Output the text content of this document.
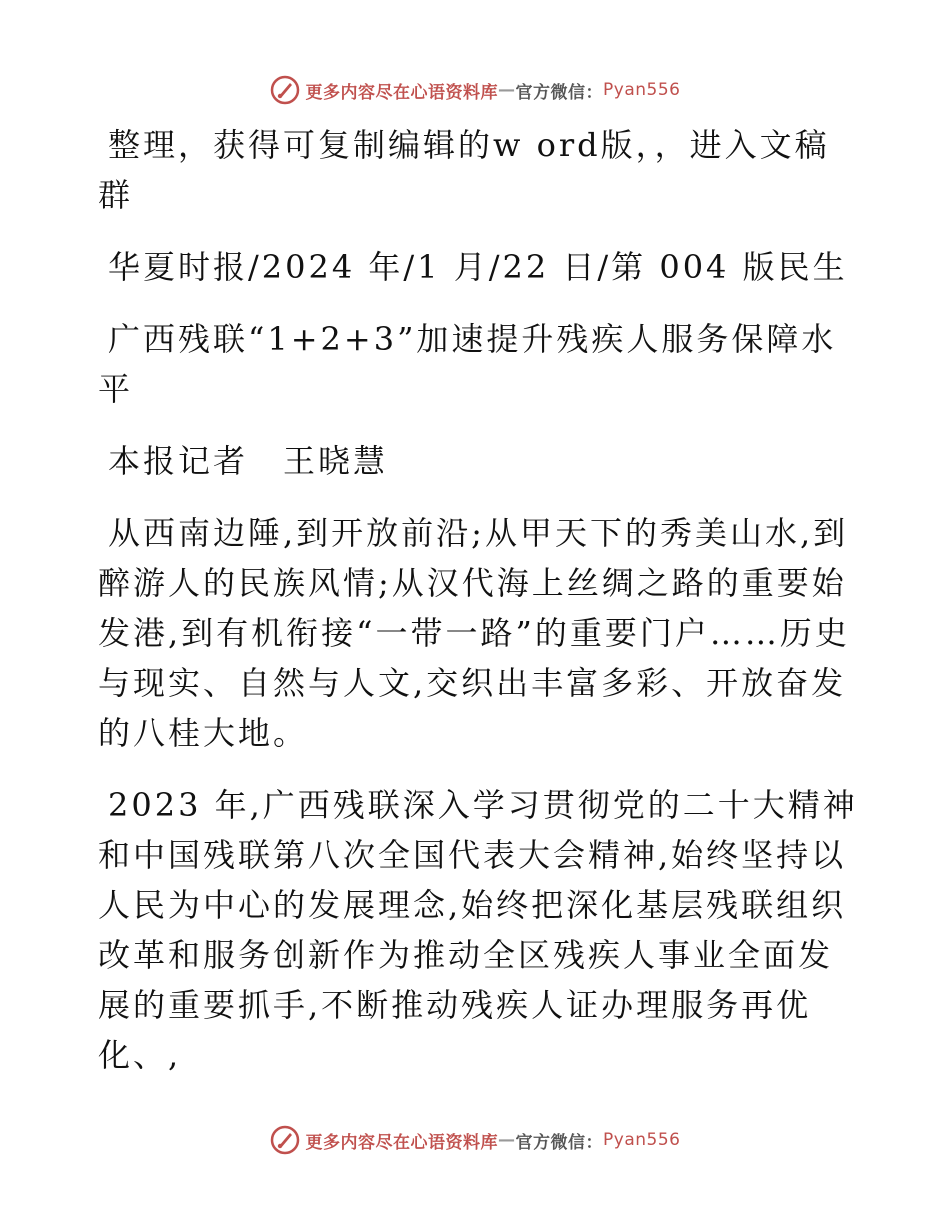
更多内容尽在心语资料库 — 官方微信： Pyan556

整理，获得可复制编辑的w ord版，，进入文稿群

华夏时报/2024 年/1 月/22 日/第 004 版民生

广西残联“1+2+3”加速提升残疾人服务保障水平

本报记者　王晓慧

从西南边陲,到开放前沿;从甲天下的秀美山水,到醉游人的民族风情;从汉代海上丝绸之路的重要始发港,到有机衔接“一带一路”的重要门户……历史与现实、自然与人文,交织出丰富多彩、开放奋发的八桂大地。

2023 年,广西残联深入学习贯彻党的二十大精神和中国残联第八次全国代表大会精神,始终坚持以人民为中心的发展理念,始终把深化基层残联组织改革和服务创新作为推动全区残疾人事业全面发展的重要抓手,不断推动残疾人证办理服务再优化、,

更多内容尽在心语资料库 — 官方微信： Pyan556
